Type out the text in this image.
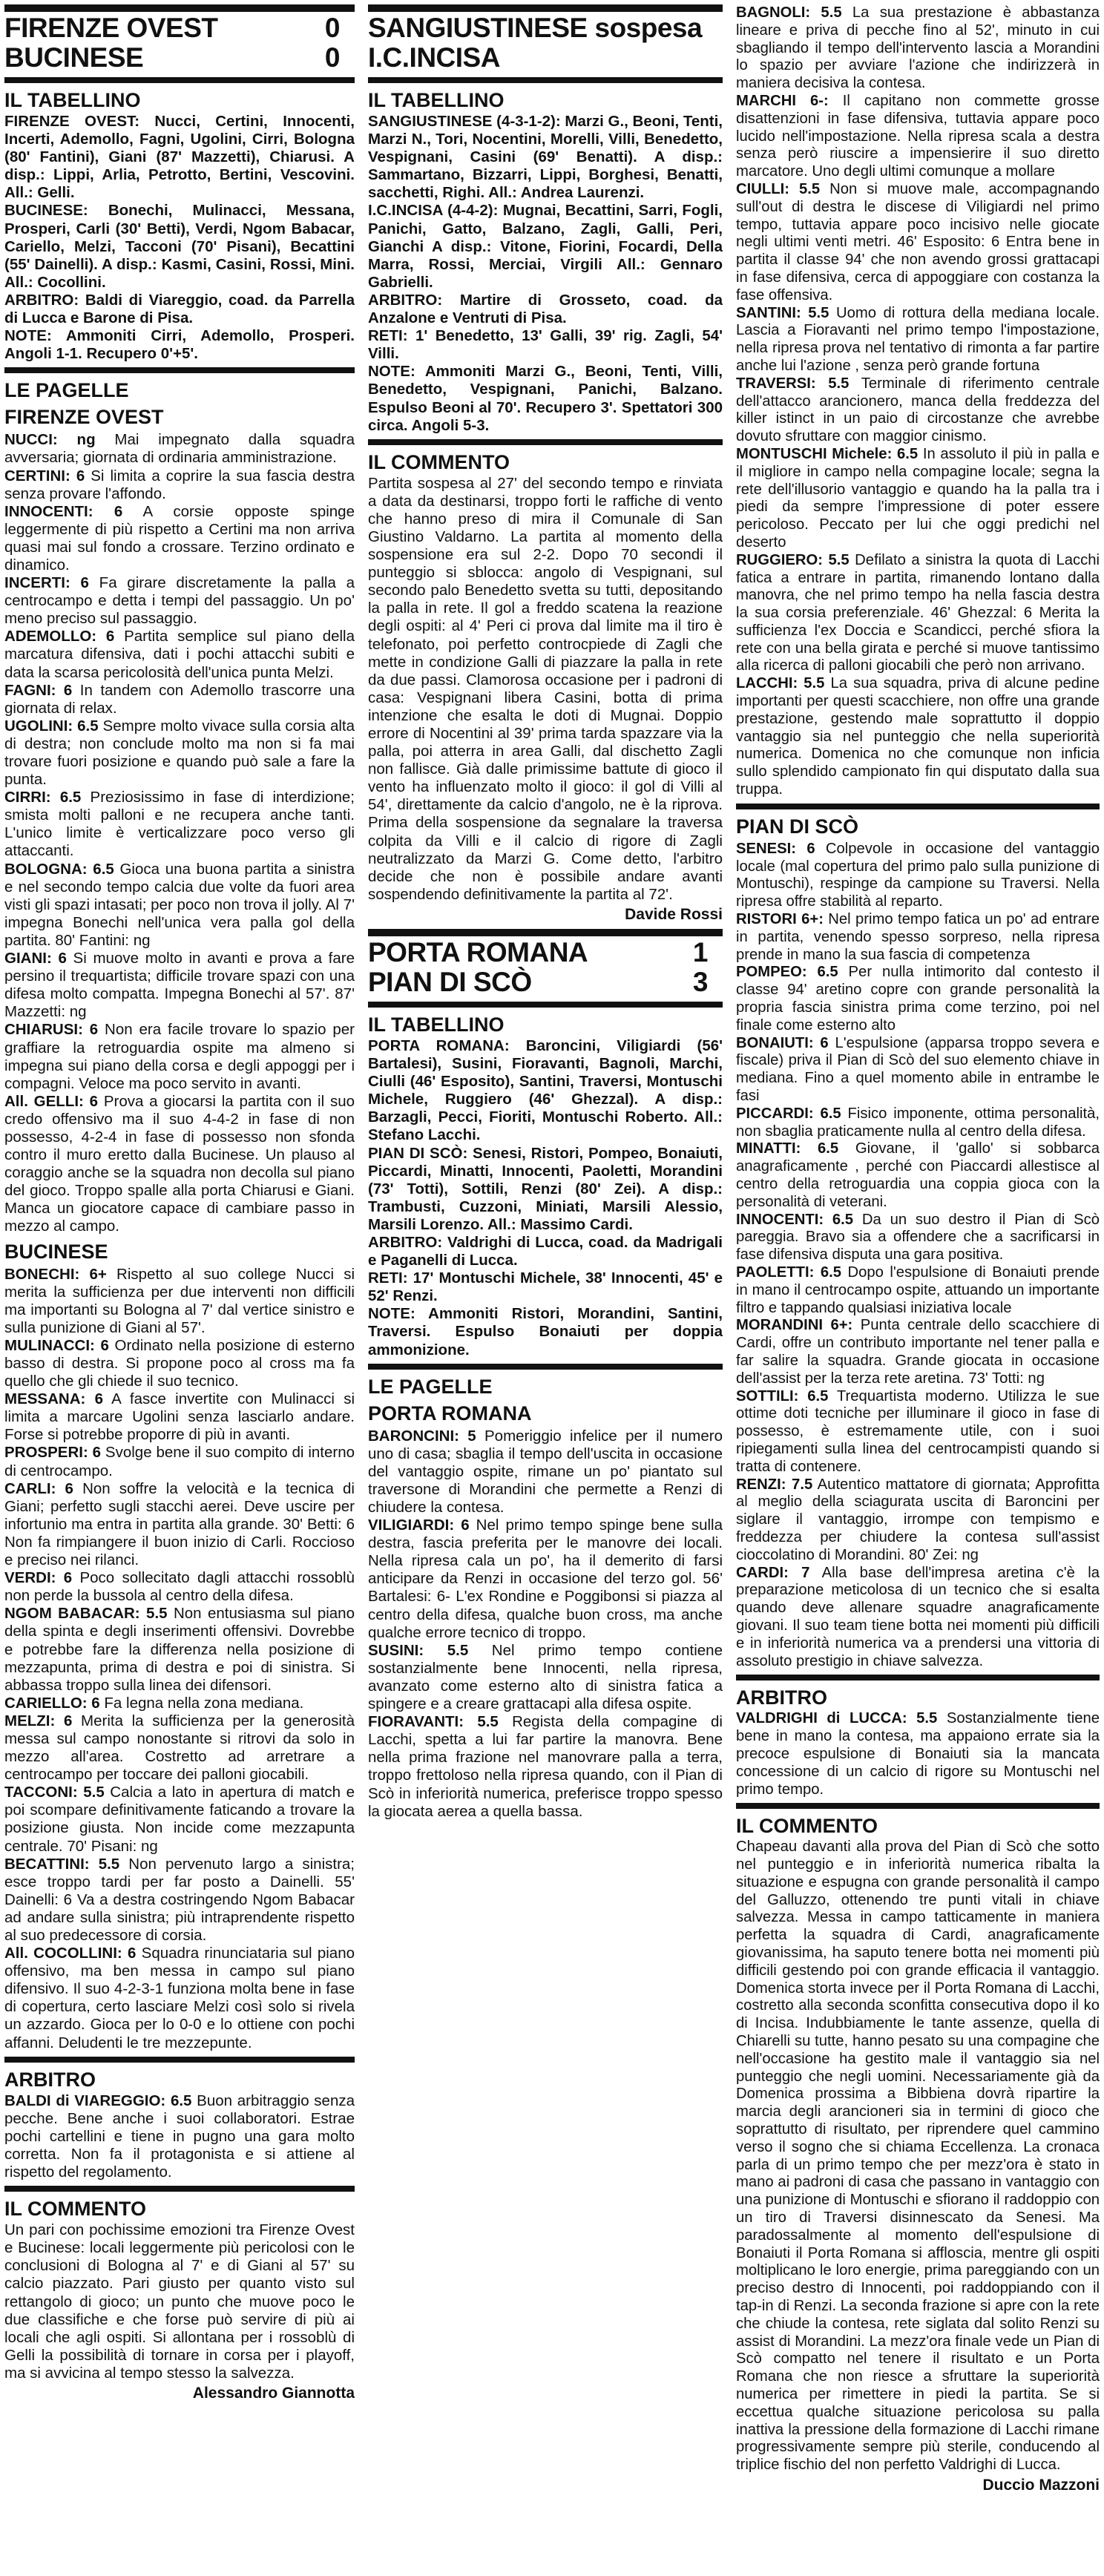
FIRENZE OVEST	0
BUCINESE	0
IL TABELLINO

FIRENZE OVEST: Nucci, Certini, Innocenti, Incerti, Ademollo, Fagni, Ugolini, Cirri, Bologna (80' Fantini), Giani (87' Mazzetti), Chiarusi. A disp.: Lippi, Arlia, Petrotto, Bertini, Vescovini. All.: Gelli.

BUCINESE: Bonechi, Mulinacci, Messana, Prosperi, Carli (30' Betti), Verdi, Ngom Babacar, Cariello, Melzi, Tacconi (70' Pisani), Becattini (55' Dainelli). A disp.: Kasmi, Casini, Rossi, Mini. All.: Cocollini.

ARBITRO: Baldi di Viareggio, coad. da Parrella di Lucca e Barone di Pisa.

NOTE: Ammoniti Cirri, Ademollo, Prosperi. Angoli 1-1. Recupero 0'+5'.

LE PAGELLE
FIRENZE OVEST

NUCCI: ng Mai impegnato dalla squadra avversaria; giornata di ordinaria amministrazione.

CERTINI: 6 Si limita a coprire la sua fascia destra senza provare l'affondo.

INNOCENTI: 6 A corsie opposte spinge leggermente di più rispetto a Certini ma non arriva quasi mai sul fondo a crossare. Terzino ordinato e dinamico.

INCERTI: 6 Fa girare discretamente la palla a centrocampo e detta i tempi del passaggio. Un po' meno preciso sul passaggio.

ADEMOLLO: 6 Partita semplice sul piano della marcatura difensiva, dati i pochi attacchi subiti e data la scarsa pericolosità dell'unica punta Melzi.

FAGNI: 6 In tandem con Ademollo trascorre una giornata di relax.

UGOLINI: 6.5 Sempre molto vivace sulla corsia alta di destra; non conclude molto ma non si fa mai trovare fuori posizione e quando può sale a fare la punta.

CIRRI: 6.5 Preziosissimo in fase di interdizione; smista molti palloni e ne recupera anche tanti. L'unico limite è verticalizzare poco verso gli attaccanti.

BOLOGNA: 6.5 Gioca una buona partita a sinistra e nel secondo tempo calcia due volte da fuori area visti gli spazi intasati; per poco non trova il jolly. Al 7' impegna Bonechi nell'unica vera palla gol della partita. 80' Fantini: ng

GIANI: 6 Si muove molto in avanti e prova a fare persino il trequartista; difficile trovare spazi con una difesa molto compatta. Impegna Bonechi al 57'. 87' Mazzetti: ng

CHIARUSI: 6 Non era facile trovare lo spazio per graffiare la retroguardia ospite ma almeno si impegna sui piano della corsa e degli appoggi per i compagni. Veloce ma poco servito in avanti.

All. GELLI: 6 Prova a giocarsi la partita con il suo credo offensivo ma il suo 4-4-2 in fase di non possesso, 4-2-4 in fase di possesso non sfonda contro il muro eretto dalla Bucinese. Un plauso al coraggio anche se la squadra non decolla sul piano del gioco. Troppo spalle alla porta Chiarusi e Giani. Manca un giocatore capace di cambiare passo in mezzo al campo.

BUCINESE

BONECHI: 6+ Rispetto al suo college Nucci si merita la sufficienza per due interventi non difficili ma importanti su Bologna al 7' dal vertice sinistro e sulla punizione di Giani al 57'.

MULINACCI: 6 Ordinato nella posizione di esterno basso di destra. Si propone poco al cross ma fa quello che gli chiede il suo tecnico.

MESSANA: 6 A fasce invertite con Mulinacci si limita a marcare Ugolini senza lasciarlo andare. Forse si potrebbe proporre di più in avanti.

PROSPERI: 6 Svolge bene il suo compito di interno di centrocampo.

CARLI: 6 Non soffre la velocità e la tecnica di Giani; perfetto sugli stacchi aerei. Deve uscire per infortunio ma entra in partita alla grande. 30' Betti: 6 Non fa rimpiangere il buon inizio di Carli. Roccioso e preciso nei rilanci.

VERDI: 6 Poco sollecitato dagli attacchi rossoblù non perde la bussola al centro della difesa.

NGOM BABACAR: 5.5 Non entusiasma sul piano della spinta e degli inserimenti offensivi. Dovrebbe e potrebbe fare la differenza nella posizione di mezzapunta, prima di destra e poi di sinistra. Si abbassa troppo sulla linea dei difensori.

CARIELLO: 6 Fa legna nella zona mediana.

MELZI: 6 Merita la sufficienza per la generosità messa sul campo nonostante si ritrovi da solo in mezzo all'area. Costretto ad arretrare a centrocampo per toccare dei palloni giocabili.

TACCONI: 5.5 Calcia a lato in apertura di match e poi scompare definitivamente faticando a trovare la posizione giusta. Non incide come mezzapunta centrale. 70' Pisani: ng

BECATTINI: 5.5 Non pervenuto largo a sinistra; esce troppo tardi per far posto a Dainelli. 55' Dainelli: 6 Va a destra costringendo Ngom Babacar ad andare sulla sinistra; più intraprendente rispetto al suo predecessore di corsia.

All. COCOLLINI: 6 Squadra rinunciataria sul piano offensivo, ma ben messa in campo sul piano difensivo. Il suo 4-2-3-1 funziona molta bene in fase di copertura, certo lasciare Melzi così solo si rivela un azzardo. Gioca per lo 0-0 e lo ottiene con pochi affanni. Deludenti le tre mezzepunte.

ARBITRO

BALDI di VIAREGGIO: 6.5 Buon arbitraggio senza pecche. Bene anche i suoi collaboratori. Estrae pochi cartellini e tiene in pugno una gara molto corretta. Non fa il protagonista e si attiene al rispetto del regolamento.

IL COMMENTO

Un pari con pochissime emozioni tra Firenze Ovest e Bucinese: locali leggermente più pericolosi con le conclusioni di Bologna al 7' e di Giani al 57' su calcio piazzato. Pari giusto per quanto visto sul rettangolo di gioco; un punto che muove poco le due classifiche e che forse può servire di più ai locali che agli ospiti. Si allontana per i rossoblù di Gelli la possibilità di tornare in corsa per i playoff, ma si avvicina al tempo stesso la salvezza.

Alessandro Giannotta
SANGIUSTINESE sospesa
I.C.INCISA
IL TABELLINO

SANGIUSTINESE (4-3-1-2): Marzi G., Beoni, Tenti, Marzi N., Tori, Nocentini, Morelli, Villi, Benedetto, Vespignani, Casini (69' Benatti). A disp.: Sammartano, Bizzarri, Lippi, Borghesi, Benatti, sacchetti, Righi. All.: Andrea Laurenzi.

I.C.INCISA (4-4-2): Mugnai, Becattini, Sarri, Fogli, Panichi, Gatto, Balzano, Zagli, Galli, Peri, Gianchi A disp.: Vitone, Fiorini, Focardi, Della Marra, Rossi, Merciai, Virgili All.: Gennaro Gabrielli.

ARBITRO: Martire di Grosseto, coad. da Anzalone e Ventruti di Pisa.

RETI: 1' Benedetto, 13' Galli, 39' rig. Zagli, 54' Villi.

NOTE: Ammoniti Marzi G., Beoni, Tenti, Villi, Benedetto, Vespignani, Panichi, Balzano. Espulso Beoni al 70'. Recupero 3'. Spettatori 300 circa. Angoli 5-3.

IL COMMENTO

Partita sospesa al 27' del secondo tempo e rinviata a data da destinarsi, troppo forti le raffiche di vento che hanno preso di mira il Comunale di San Giustino Valdarno. La partita al momento della sospensione era sul 2-2. Dopo 70 secondi il punteggio si sblocca: angolo di Vespignani, sul secondo palo Benedetto svetta su tutti, depositando la palla in rete. Il gol a freddo scatena la reazione degli ospiti: al 4' Peri ci prova dal limite ma il tiro è telefonato, poi perfetto controcpiede di Zagli che mette in condizione Galli di piazzare la palla in rete da due passi. Clamorosa occasione per i padroni di casa: Vespignani libera Casini, botta di prima intenzione che esalta le doti di Mugnai. Doppio errore di Nocentini al 39' prima tarda spazzare via la palla, poi atterra in area Galli, dal dischetto Zagli non fallisce. Già dalle primissime battute di gioco il vento ha influenzato molto il gioco: il gol di Villi al 54', direttamente da calcio d'angolo, ne è la riprova. Prima della sospensione da segnalare la traversa colpita da Villi e il calcio di rigore di Zagli neutralizzato da Marzi G. Come detto, l'arbitro decide che non è possibile andare avanti sospendendo definitivamente la partita al 72'.

Davide Rossi
PORTA ROMANA	1
PIAN DI SCÒ	3
IL TABELLINO

PORTA ROMANA: Baroncini, Viligiardi (56' Bartalesi), Susini, Fioravanti, Bagnoli, Marchi, Ciulli (46' Esposito), Santini, Traversi, Montuschi Michele, Ruggiero (46' Ghezzal). A disp.: Barzagli, Pecci, Fioriti, Montuschi Roberto. All.: Stefano Lacchi.

PIAN DI SCÒ: Senesi, Ristori, Pompeo, Bonaiuti, Piccardi, Minatti, Innocenti, Paoletti, Morandini (73' Totti), Sottili, Renzi (80' Zei). A disp.: Trambusti, Cuzzoni, Miniati, Marsili Alessio, Marsili Lorenzo. All.: Massimo Cardi.

ARBITRO: Valdrighi di Lucca, coad. da Madrigali e Paganelli di Lucca.

RETI: 17' Montuschi Michele, 38' Innocenti, 45' e 52' Renzi.

NOTE: Ammoniti Ristori, Morandini, Santini, Traversi. Espulso Bonaiuti per doppia ammonizione.

LE PAGELLE
PORTA ROMANA

BARONCINI: 5 Pomeriggio infelice per il numero uno di casa; sbaglia il tempo dell'uscita in occasione del vantaggio ospite, rimane un po' piantato sul traversone di Morandini che permette a Renzi di chiudere la contesa.

VILIGIARDI: 6 Nel primo tempo spinge bene sulla destra, fascia preferita per le manovre dei locali. Nella ripresa cala un po', ha il demerito di farsi anticipare da Renzi in occasione del terzo gol. 56' Bartalesi: 6- L'ex Rondine e Poggibonsi si piazza al centro della difesa, qualche buon cross, ma anche qualche errore tecnico di troppo.

SUSINI: 5.5 Nel primo tempo contiene sostanzialmente bene Innocenti, nella ripresa, avanzato come esterno alto di sinistra fatica a spingere e a creare grattacapi alla difesa ospite.

FIORAVANTI: 5.5 Regista della compagine di Lacchi, spetta a lui far partire la manovra. Bene nella prima frazione nel manovrare palla a terra, troppo frettoloso nella ripresa quando, con il Pian di Scò in inferiorità numerica, preferisce troppo spesso la giocata aerea a quella bassa.

BAGNOLI: 5.5 La sua prestazione è abbastanza lineare e priva di pecche fino al 52', minuto in cui sbagliando il tempo dell'intervento lascia a Morandini lo spazio per avviare l'azione che indirizzerà in maniera decisiva la contesa.

MARCHI 6-: Il capitano non commette grosse disattenzioni in fase difensiva, tuttavia appare poco lucido nell'impostazione. Nella ripresa scala a destra senza però riuscire a impensierire il suo diretto marcatore. Uno degli ultimi comunque a mollare

CIULLI: 5.5 Non si muove male, accompagnando sull'out di destra le discese di Viligiardi nel primo tempo, tuttavia appare poco incisivo nelle giocate negli ultimi venti metri. 46' Esposito: 6 Entra bene in partita il classe 94' che non avendo grossi grattacapi in fase difensiva, cerca di appoggiare con costanza la fase offensiva.

SANTINI: 5.5 Uomo di rottura della mediana locale. Lascia a Fioravanti nel primo tempo l'impostazione, nella ripresa prova nel tentativo di rimonta a far partire anche lui l'azione , senza però grande fortuna

TRAVERSI: 5.5 Terminale di riferimento centrale dell'attacco arancionero, manca della freddezza del killer istinct in un paio di circostanze che avrebbe dovuto sfruttare con maggior cinismo.

MONTUSCHI Michele: 6.5 In assoluto il più in palla e il migliore in campo nella compagine locale; segna la rete dell'illusorio vantaggio e quando ha la palla tra i piedi da sempre l'impressione di poter essere pericoloso. Peccato per lui che oggi predichi nel deserto

RUGGIERO: 5.5 Defilato a sinistra la quota di Lacchi fatica a entrare in partita, rimanendo lontano dalla manovra, che nel primo tempo ha nella fascia destra la sua corsia preferenziale. 46' Ghezzal: 6 Merita la sufficienza l'ex Doccia e Scandicci, perché sfiora la rete con una bella girata e perché si muove tantissimo alla ricerca di palloni giocabili che però non arrivano.

LACCHI: 5.5 La sua squadra, priva di alcune pedine importanti per questi scacchiere, non offre una grande prestazione, gestendo male soprattutto il doppio vantaggio sia nel punteggio che nella superiorità numerica. Domenica no che comunque non inficia sullo splendido campionato fin qui disputato dalla sua truppa.

PIAN DI SCÒ

SENESI: 6 Colpevole in occasione del vantaggio locale (mal copertura del primo palo sulla punizione di Montuschi), respinge da campione su Traversi. Nella ripresa offre stabilità al reparto.

RISTORI 6+: Nel primo tempo fatica un po' ad entrare in partita, venendo spesso sorpreso, nella ripresa prende in mano la sua fascia di competenza

POMPEO: 6.5 Per nulla intimorito dal contesto il classe 94' aretino copre con grande personalità la propria fascia sinistra prima come terzino, poi nel finale come esterno alto

BONAIUTI: 6 L'espulsione (apparsa troppo severa e fiscale) priva il Pian di Scò del suo elemento chiave in mediana. Fino a quel momento abile in entrambe le fasi

PICCARDI: 6.5 Fisico imponente, ottima personalità, non sbaglia praticamente nulla al centro della difesa.

MINATTI: 6.5 Giovane, il 'gallo' si sobbarca anagraficamente , perché con Piaccardi allestisce al centro della retroguardia una coppia gioca con la personalità di veterani.

INNOCENTI: 6.5 Da un suo destro il Pian di Scò pareggia. Bravo sia a offendere che a sacrificarsi in fase difensiva disputa una gara positiva.

PAOLETTI: 6.5 Dopo l'espulsione di Bonaiuti prende in mano il centrocampo ospite, attuando un importante filtro e tappando qualsiasi iniziativa locale

MORANDINI 6+: Punta centrale dello scacchiere di Cardi, offre un contributo importante nel tener palla e far salire la squadra. Grande giocata in occasione dell'assist per la terza rete aretina. 73' Totti: ng

SOTTILI: 6.5 Trequartista moderno. Utilizza le sue ottime doti tecniche per illuminare il gioco in fase di possesso, è estremamente utile, con i suoi ripiegamenti sulla linea del centrocampisti quando si tratta di contenere.

RENZI: 7.5 Autentico mattatore di giornata; Approfitta al meglio della sciagurata uscita di Baroncini per siglare il vantaggio, irrompe con tempismo e freddezza per chiudere la contesa sull'assist cioccolatino di Morandini. 80' Zei: ng

CARDI: 7 Alla base dell'impresa aretina c'è la preparazione meticolosa di un tecnico che si esalta quando deve allenare squadre anagraficamente giovani. Il suo team tiene botta nei momenti più difficili e in inferiorità numerica va a prendersi una vittoria di assoluto prestigio in chiave salvezza.

ARBITRO

VALDRIGHI di LUCCA: 5.5 Sostanzialmente tiene bene in mano la contesa, ma appaiono errate sia la precoce espulsione di Bonaiuti sia la mancata concessione di un calcio di rigore su Montuschi nel primo tempo.

IL COMMENTO

Chapeau davanti alla prova del Pian di Scò che sotto nel punteggio e in inferiorità numerica ribalta la situazione e espugna con grande personalità il campo del Galluzzo, ottenendo tre punti vitali in chiave salvezza. Messa in campo tatticamente in maniera perfetta la squadra di Cardi, anagraficamente giovanissima, ha saputo tenere botta nei momenti più difficili gestendo poi con grande efficacia il vantaggio. Domenica storta invece per il Porta Romana di Lacchi, costretto alla seconda sconfitta consecutiva dopo il ko di Incisa. Indubbiamente le tante assenze, quella di Chiarelli su tutte, hanno pesato su una compagine che nell'occasione ha gestito male il vantaggio sia nel punteggio che negli uomini. Necessariamente già da Domenica prossima a Bibbiena dovrà ripartire la marcia degli arancioneri sia in termini di gioco che soprattutto di risultato, per riprendere quel cammino verso il sogno che si chiama Eccellenza. La cronaca parla di un primo tempo che per mezz'ora è stato in mano ai padroni di casa che passano in vantaggio con una punizione di Montuschi e sfiorano il raddoppio con un tiro di Traversi disinnescato da Senesi. Ma paradossalmente al momento dell'espulsione di Bonaiuti il Porta Romana si affloscia, mentre gli ospiti moltiplicano le loro energie, prima pareggiando con un preciso destro di Innocenti, poi raddoppiando con il tap-in di Renzi. La seconda frazione si apre con la rete che chiude la contesa, rete siglata dal solito Renzi su assist di Morandini. La mezz'ora finale vede un Pian di Scò compatto nel tenere il risultato e un Porta Romana che non riesce a sfruttare la superiorità numerica per rimettere in piedi la partita. Se si eccettua qualche situazione pericolosa su palla inattiva la pressione della formazione di Lacchi rimane progressivamente sempre più sterile, conducendo al triplice fischio del non perfetto Valdrighi di Lucca.

Duccio Mazzoni
